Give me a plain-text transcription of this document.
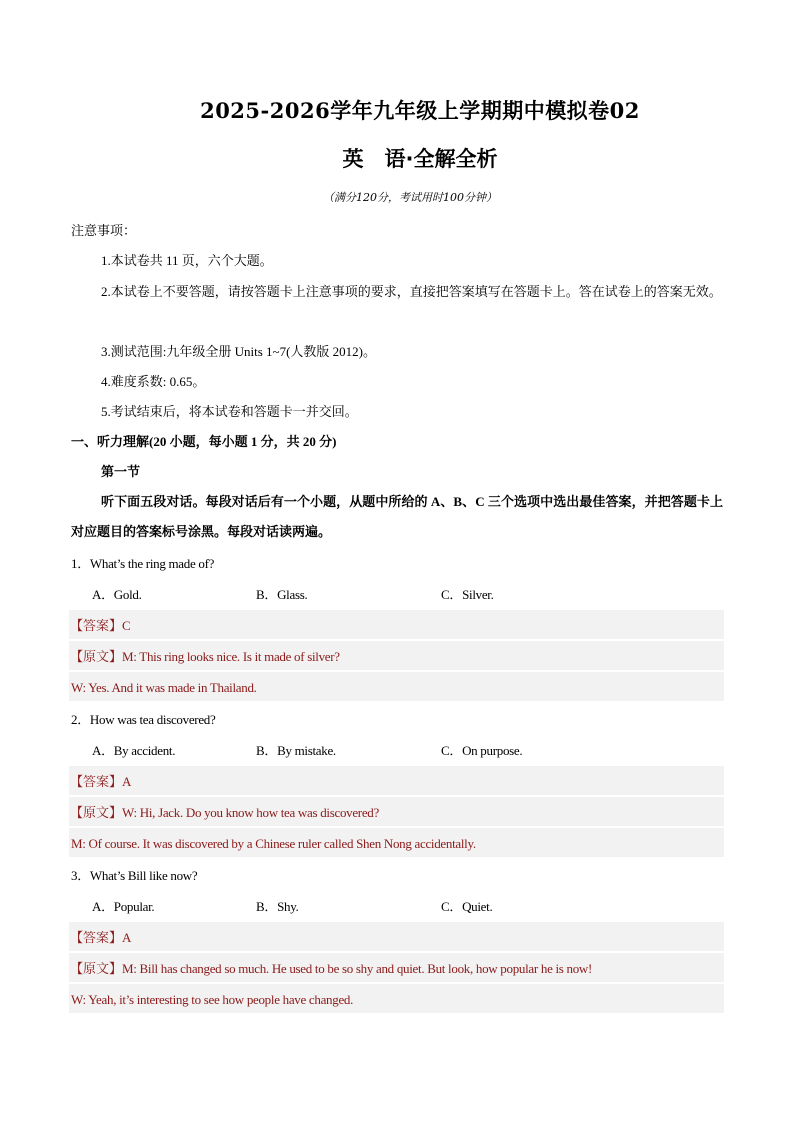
2025-2026学年九年级上学期期中模拟卷02
英　语·全解全析
（满分120分，考试用时100分钟）
注意事项：
1.本试卷共 11 页，六个大题。
2.本试卷上不要答题，请按答题卡上注意事项的要求，直接把答案填写在答题卡上。答在试卷上的答案无效。
3.测试范围:九年级全册 Units 1~7(人教版 2012)。
4.难度系数: 0.65。
5.考试结束后，将本试卷和答题卡一并交回。
一、听力理解(20 小题，每小题 1 分，共 20 分)
第一节
听下面五段对话。每段对话后有一个小题，从题中所给的 A、B、C 三个选项中选出最佳答案，并把答题卡上对应题目的答案标号涂黑。每段对话读两遍。
1．What’s the ring made of?
A．Gold.	B．Glass.	C．Silver.
【答案】C
【原文】M: This ring looks nice. Is it made of silver?
W: Yes. And it was made in Thailand.
2．How was tea discovered?
A．By accident.	B．By mistake.	C．On purpose.
【答案】A
【原文】W: Hi, Jack. Do you know how tea was discovered?
M: Of course. It was discovered by a Chinese ruler called Shen Nong accidentally.
3．What’s Bill like now?
A．Popular.	B．Shy.	C．Quiet.
【答案】A
【原文】M: Bill has changed so much. He used to be so shy and quiet. But look, how popular he is now!
W: Yeah, it’s interesting to see how people have changed.
